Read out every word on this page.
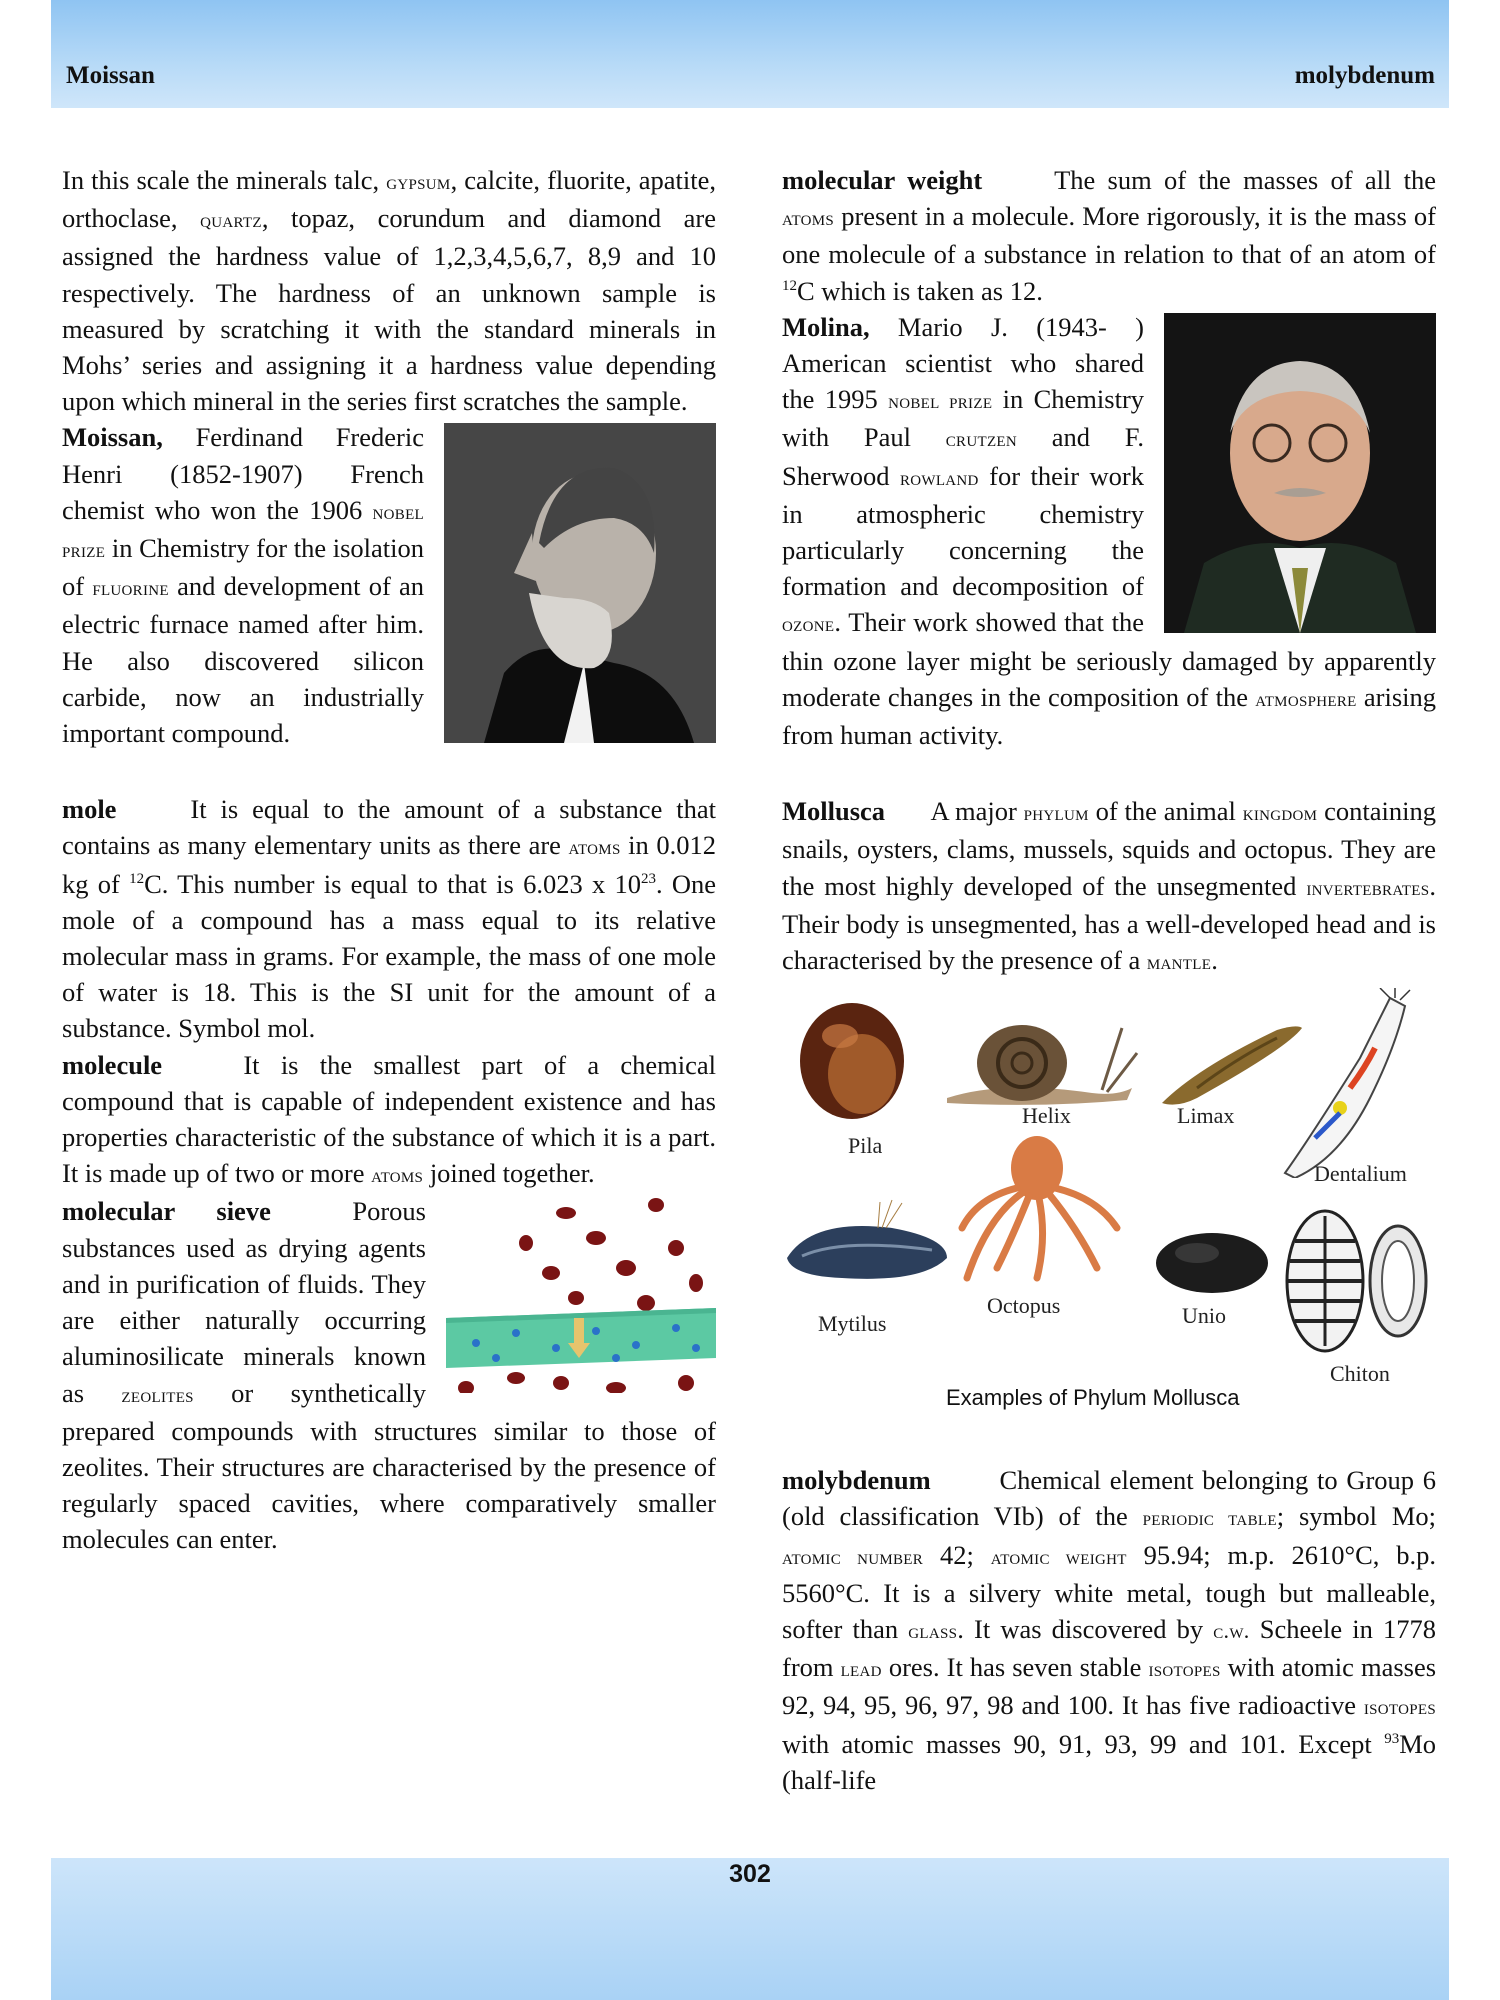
Moissan	molybdenum

In this scale the minerals talc, gypsum, calcite, fluorite, apatite, orthoclase, quartz, topaz, corundum and diamond are assigned the hardness value of 1,2,3,4,5,6,7, 8,9 and 10 respectively. The hardness of an unknown sample is measured by scratching it with the standard minerals in Mohs’ series and assigning it a hardness value depending upon which mineral in the series first scratches the sample.

Moissan, Ferdinand Frederic Henri (1852-1907) French chemist who won the 1906 nobel prize in Chemistry for the isolation of fluorine and development of an electric furnace named after him. He also discovered silicon carbide, now an industrially important compound.

mole	It is equal to the amount of a substance that contains as many elementary units as there are atoms in 0.012 kg of $^{12}$C. This number is equal to that is 6.023 x $10^{23}$. One mole of a compound has a mass equal to its relative molecular mass in grams. For example, the mass of one mole of water is 18. This is the SI unit for the amount of a substance. Symbol mol.

molecule	It is the smallest part of a chemical compound that is capable of independent existence and has properties characteristic of the substance of which it is a part. It is made up of two or more atoms joined together.

molecular sieve	Porous substances used as drying agents and in purification of fluids. They are either naturally occurring aluminosilicate minerals known as zeolites or synthetically prepared compounds with structures similar to those of zeolites. Their structures are characterised by the presence of regularly spaced cavities, where comparatively smaller molecules can enter.

molecular weight	The sum of the masses of all the atoms present in a molecule. More rigorously, it is the mass of one molecule of a substance in relation to that of an atom of $^{12}$C which is taken as 12.

Molina, Mario J. (1943- ) American scientist who shared the 1995 nobel prize in Chemistry with Paul crutzen and F. Sherwood rowland for their work in atmospheric chemistry particularly concerning the formation and decomposition of ozone. Their work showed that the thin ozone layer might be seriously damaged by apparently moderate changes in the composition of the atmosphere arising from human activity.

Mollusca A major phylum of the animal kingdom containing snails, oysters, clams, mussels, squids and octopus. They are the most highly developed of the unsegmented invertebrates. Their body is unsegmented, has a well-developed head and is characterised by the presence of a mantle.

Pila
Helix	Limax
Dentalium
Mytilus
Octopus	Unio
Chiton
Examples of Phylum Mollusca

molybdenum	Chemical element belonging to Group 6 (old classification VIb) of the periodic table; symbol Mo; atomic number 42; atomic weight 95.94; m.p. 2610°C, b.p. 5560°C. It is a silvery white metal, tough but malleable, softer than glass. It was discovered by c.w. Scheele in 1778 from lead ores. It has seven stable isotopes with atomic masses 92, 94, 95, 96, 97, 98 and 100. It has five radioactive isotopes with atomic masses 90, 91, 93, 99 and 101. Except $^{93}$Mo (half-life

302
